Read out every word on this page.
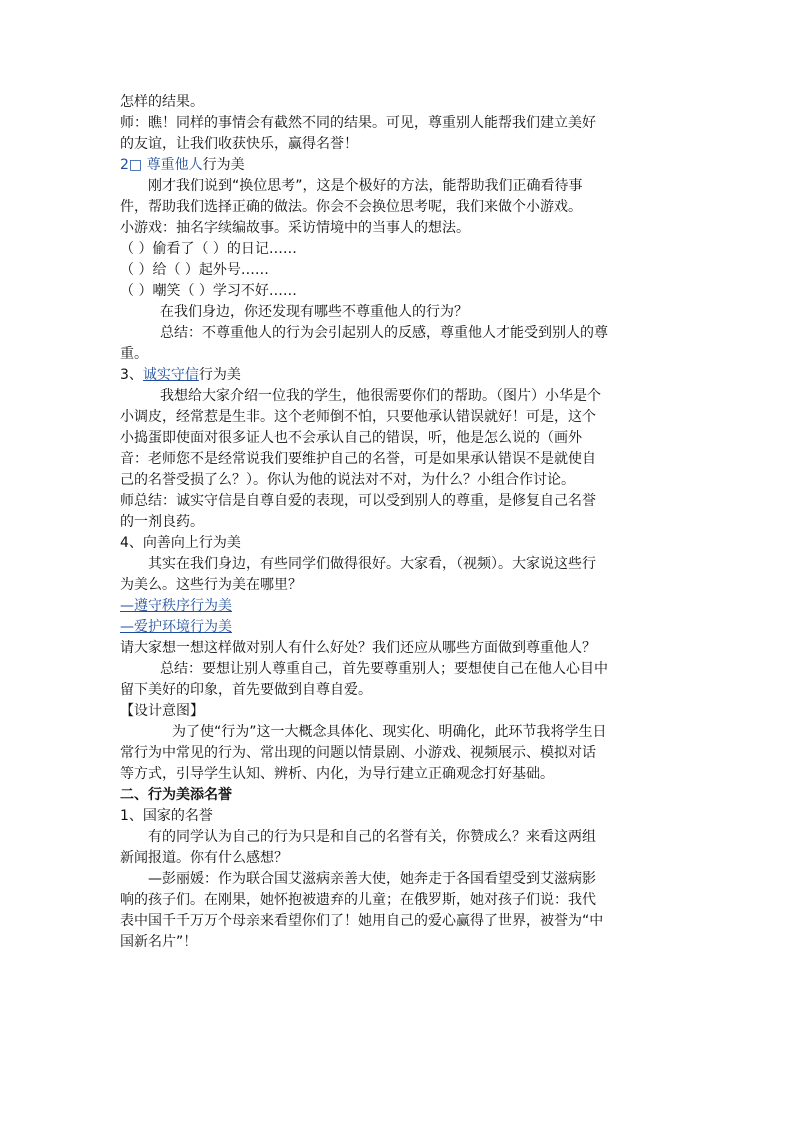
怎样的结果。
师：瞧！同样的事情会有截然不同的结果。可见，尊重别人能帮我们建立美好
的友谊，让我们收获快乐，赢得名誉！
2□ 尊重他人行为美
刚才我们说到“换位思考”，这是个极好的方法，能帮助我们正确看待事
件，帮助我们选择正确的做法。你会不会换位思考呢，我们来做个小游戏。
小游戏：抽名字续编故事。采访情境中的当事人的想法。
（ ）偷看了（ ）的日记……
（ ）给（ ）起外号……
（ ）嘲笑（ ）学习不好……
在我们身边，你还发现有哪些不尊重他人的行为？
总结：不尊重他人的行为会引起别人的反感，尊重他人才能受到别人的尊
重。
3、诚实守信行为美
我想给大家介绍一位我的学生，他很需要你们的帮助。（图片）小华是个
小调皮，经常惹是生非。这个老师倒不怕，只要他承认错误就好！可是，这个
小捣蛋即使面对很多证人也不会承认自己的错误，听，他是怎么说的（画外
音：老师您不是经常说我们要维护自己的名誉，可是如果承认错误不是就使自
己的名誉受损了么？）。你认为他的说法对不对，为什么？小组合作讨论。
师总结：诚实守信是自尊自爱的表现，可以受到别人的尊重，是修复自己名誉
的一剂良药。
4、向善向上行为美
其实在我们身边，有些同学们做得很好。大家看，（视频）。大家说这些行
为美么。这些行为美在哪里？
—遵守秩序行为美
—爱护环境行为美
请大家想一想这样做对别人有什么好处？我们还应从哪些方面做到尊重他人？
总结：要想让别人尊重自己，首先要尊重别人；要想使自己在他人心目中
留下美好的印象，首先要做到自尊自爱。
【设计意图】
为了使“行为”这一大概念具体化、现实化、明确化，此环节我将学生日
常行为中常见的行为、常出现的问题以情景剧、小游戏、视频展示、模拟对话
等方式，引导学生认知、辨析、内化，为导行建立正确观念打好基础。
二、行为美添名誉
1、国家的名誉
有的同学认为自己的行为只是和自己的名誉有关，你赞成么？来看这两组
新闻报道。你有什么感想？
—彭丽媛：作为联合国艾滋病亲善大使，她奔走于各国看望受到艾滋病影
响的孩子们。在刚果，她怀抱被遗弃的儿童；在俄罗斯，她对孩子们说：我代
表中国千千万万个母亲来看望你们了！她用自己的爱心赢得了世界，被誉为“中
国新名片”！
